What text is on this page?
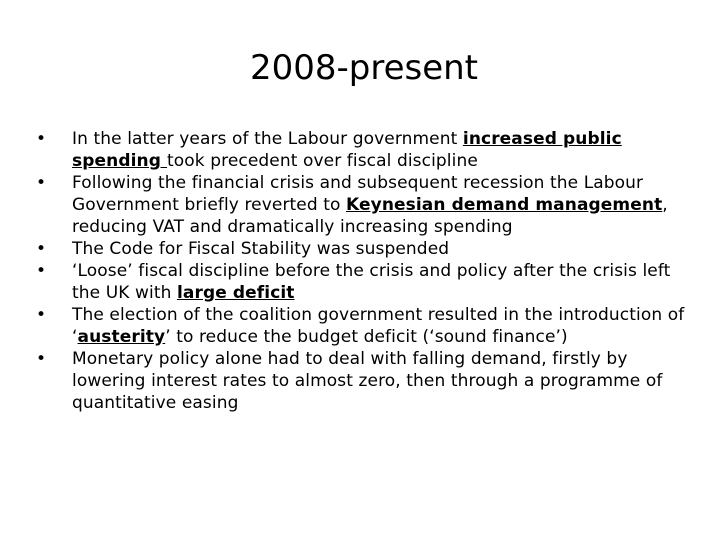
2008-present
•	In the latter years of the Labour government increased public spending took precedent over fiscal discipline
•	Following the financial crisis and subsequent recession the Labour Government briefly reverted to Keynesian demand management, reducing VAT and dramatically increasing spending
•	The Code for Fiscal Stability was suspended
•	‘Loose’ fiscal discipline before the crisis and policy after the crisis left the UK with large deficit
•	The election of the coalition government resulted in the introduction of ‘austerity’ to reduce the budget deficit (‘sound finance’)
•	Monetary policy alone had to deal with falling demand, firstly by lowering interest rates to almost zero, then through a programme of quantitative easing
